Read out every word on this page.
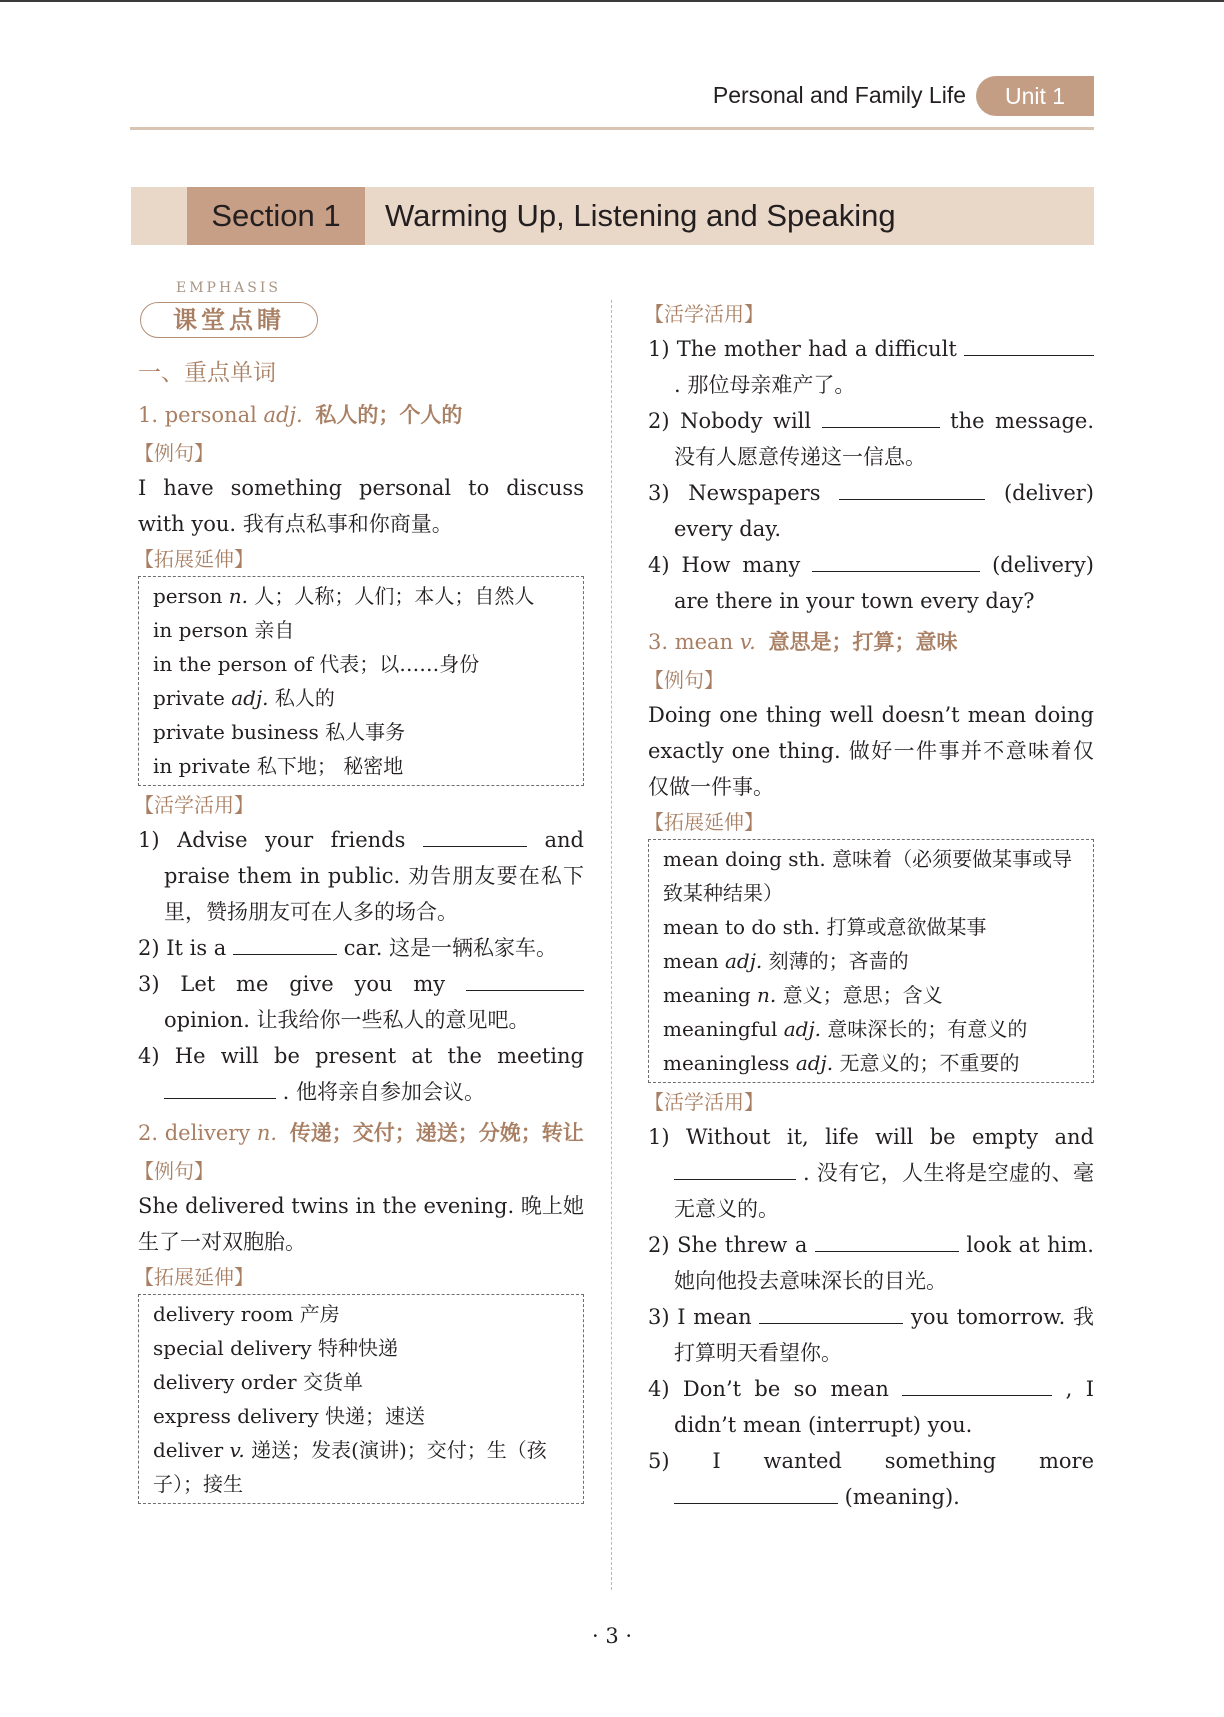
Personal and Family Life	Unit 1
Section 1	Warming Up, Listening and Speaking
EMPHASIS
课堂点睛
一、重点单词
1. personal adj. 私人的；个人的
【例句】
I have something personal to discuss with you. 我有点私事和你商量。
【拓展延伸】
person n. 人；人称；人们；本人；自然人
in person 亲自
in the person of 代表；以……身份
private adj. 私人的
private business 私人事务
in private 私下地； 秘密地
【活学活用】
1) Advise your friends	and praise them in public. 劝告朋友要在私下里，赞扬朋友可在人多的场合。
2) It is a	car. 这是一辆私家车。
3) Let me give you my  opinion. 让我给你一些私人的意见吧。
4) He will be present at the meeting  . 他将亲自参加会议。
2. delivery n. 传递；交付；递送；分娩；转让
【例句】
She delivered twins in the evening. 晚上她生了一对双胞胎。
【拓展延伸】
delivery room 产房
special delivery 特种快递
delivery order 交货单
express delivery 快递；速送
deliver v. 递送；发表(演讲)；交付；生（孩子）；接生
【活学活用】
1) The mother had a difficult  . 那位母亲难产了。
2) Nobody will	the message. 没有人愿意传递这一信息。
3) Newspapers	(deliver) every day.
4) How many	(delivery) are there in your town every day?
3. mean v. 意思是；打算；意味
【例句】
Doing one thing well doesn’t mean doing exactly one thing. 做好一件事并不意味着仅仅做一件事。
【拓展延伸】
mean doing sth. 意味着（必须要做某事或导致某种结果）
mean to do sth. 打算或意欲做某事
mean adj. 刻薄的；吝啬的
meaning n. 意义；意思；含义
meaningful adj. 意味深长的；有意义的
meaningless adj. 无意义的；不重要的
【活学活用】
1) Without it, life will be empty and  . 没有它，人生将是空虚的、毫无意义的。
2) She threw a	look at him. 她向他投去意味深长的目光。
3) I mean	you tomorrow. 我打算明天看望你。
4) Don’t be so mean	, I didn’t mean (interrupt) you.
5) I wanted something more  (meaning).
· 3 ·
